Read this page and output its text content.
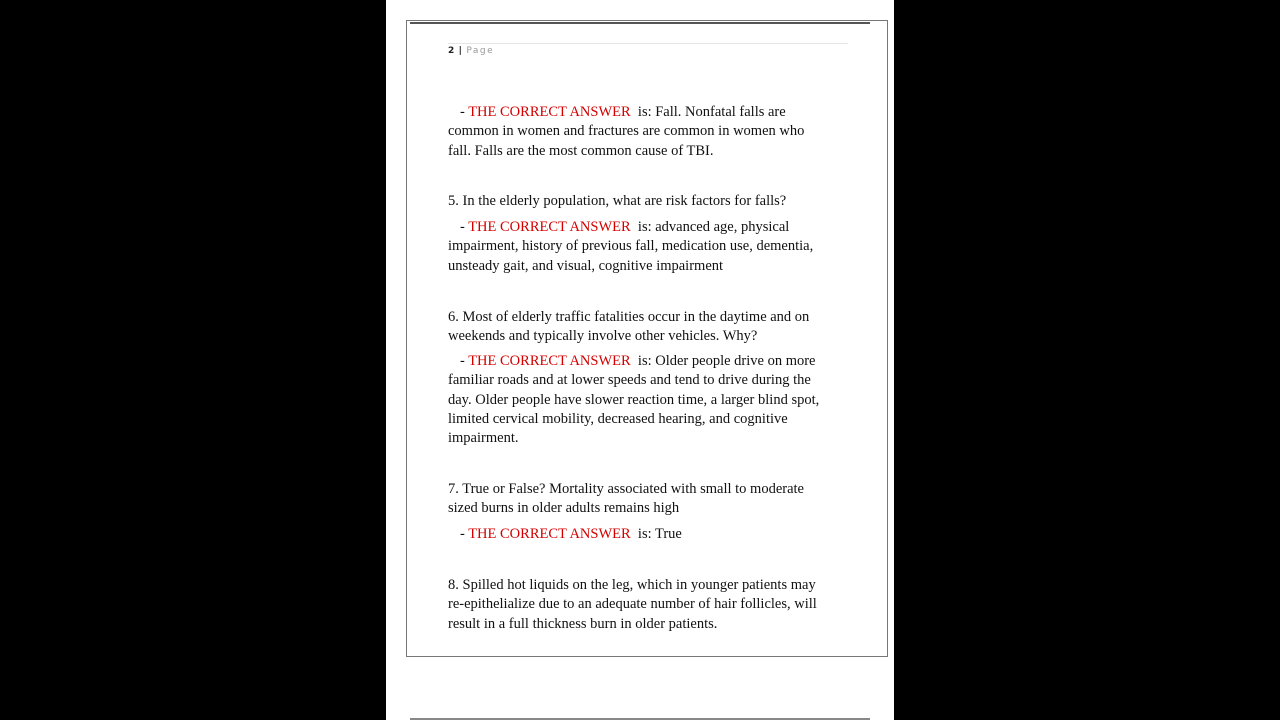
2 | Page
- THE CORRECT ANSWER is: Fall. Nonfatal falls are
common in women and fractures are common in women who
fall. Falls are the most common cause of TBI.
5. In the elderly population, what are risk factors for falls?
- THE CORRECT ANSWER is: advanced age, physical
impairment, history of previous fall, medication use, dementia,
unsteady gait, and visual, cognitive impairment
6. Most of elderly traffic fatalities occur in the daytime and on
weekends and typically involve other vehicles. Why?
- THE CORRECT ANSWER is: Older people drive on more
familiar roads and at lower speeds and tend to drive during the
day. Older people have slower reaction time, a larger blind spot,
limited cervical mobility, decreased hearing, and cognitive
impairment.
7. True or False? Mortality associated with small to moderate
sized burns in older adults remains high
- THE CORRECT ANSWER is: True
8. Spilled hot liquids on the leg, which in younger patients may
re-epithelialize due to an adequate number of hair follicles, will
result in a full thickness burn in older patients.
